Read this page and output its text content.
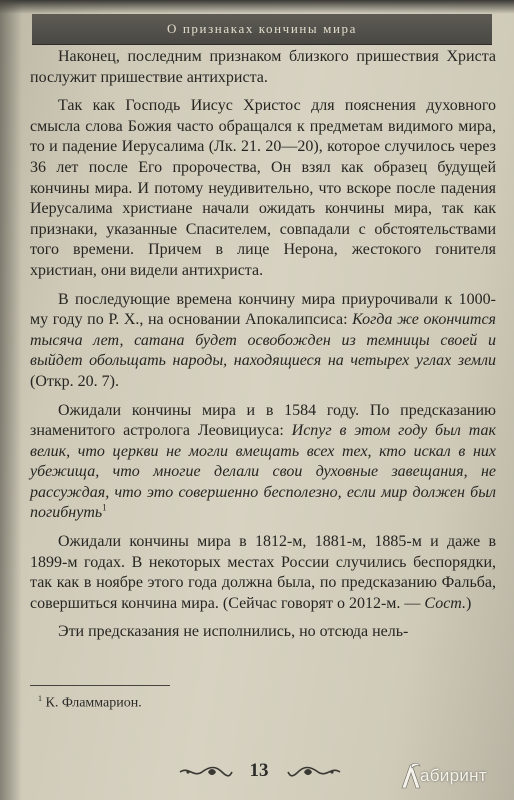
О признаках кончины мира

Наконец, последним признаком близкого пришествия Христа послужит пришествие антихриста.

Так как Господь Иисус Христос для пояснения духовного смысла слова Божия часто обращался к предметам видимого мира, то и падение Иерусалима (Лк. 21. 20—20), которое случилось через 36 лет после Его пророчества, Он взял как образец будущей кончины мира. И потому неудивительно, что вскоре после падения Иерусалима христиане начали ожидать кончины мира, так как признаки, указанные Спасителем, совпадали с обстоятельствами того времени. Причем в лице Нерона, жестокого гонителя христиан, они видели антихриста.

В последующие времена кончину мира приурочивали к 1000-му году по Р. Х., на основании Апокалипсиса: Когда же окончится тысяча лет, сатана будет освобожден из темницы своей и выйдет обольщать народы, находящиеся на четырех углах земли (Откр. 20. 7).

Ожидали кончины мира и в 1584 году. По предсказанию знаменитого астролога Леовициуса: Испуг в этом году был так велик, что церкви не могли вмещать всех тех, кто искал в них убежища, что многие делали свои духовные завещания, не рассуждая, что это совершенно бесполезно, если мир должен был погибнуть$^1$

Ожидали кончины мира в 1812-м, 1881-м, 1885-м и даже в 1899-м годах. В некоторых местах России случились беспорядки, так как в ноябре этого года должна была, по предсказанию Фальба, совершиться кончина мира. (Сейчас говорят о 2012-м. — Сост.)

Эти предсказания не исполнились, но отсюда нель-

$^1$ К. Фламмарион.
13	абиринт
